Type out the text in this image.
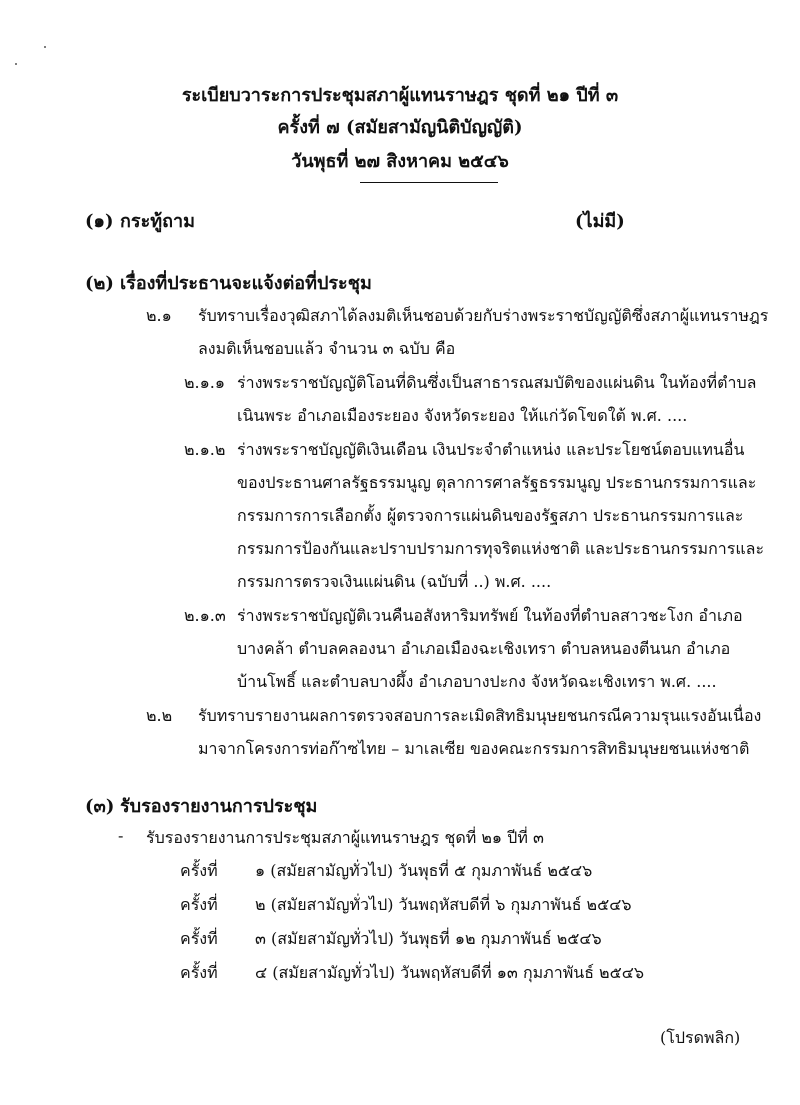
ระเบียบวาระการประชุมสภาผู้แทนราษฎร ชุดที่ ๒๑ ปีที่ ๓
ครั้งที่ ๗ (สมัยสามัญนิติบัญญัติ)
วันพุธที่ ๒๗ สิงหาคม ๒๕๔๖
(๑) กระทู้ถาม	(ไม่มี)
(๒) เรื่องที่ประธานจะแจ้งต่อที่ประชุม
๒.๑ รับทราบเรื่องวุฒิสภาได้ลงมติเห็นชอบด้วยกับร่างพระราชบัญญัติซึ่งสภาผู้แทนราษฎร
ลงมติเห็นชอบแล้ว จำนวน ๓ ฉบับ คือ
๒.๑.๑ ร่างพระราชบัญญัติโอนที่ดินซึ่งเป็นสาธารณสมบัติของแผ่นดิน ในท้องที่ตำบล
เนินพระ อำเภอเมืองระยอง จังหวัดระยอง ให้แก่วัดโขดใต้ พ.ศ. ....
๒.๑.๒ ร่างพระราชบัญญัติเงินเดือน เงินประจำตำแหน่ง และประโยชน์ตอบแทนอื่น
ของประธานศาลรัฐธรรมนูญ ตุลาการศาลรัฐธรรมนูญ ประธานกรรมการและ
กรรมการการเลือกตั้ง ผู้ตรวจการแผ่นดินของรัฐสภา ประธานกรรมการและ
กรรมการป้องกันและปราบปรามการทุจริตแห่งชาติ และประธานกรรมการและ
กรรมการตรวจเงินแผ่นดิน (ฉบับที่ ..) พ.ศ. ....
๒.๑.๓ ร่างพระราชบัญญัติเวนคืนอสังหาริมทรัพย์ ในท้องที่ตำบลสาวชะโงก อำเภอ
บางคล้า ตำบลคลองนา อำเภอเมืองฉะเชิงเทรา ตำบลหนองตีนนก อำเภอ
บ้านโพธิ์ และตำบลบางผึ้ง อำเภอบางปะกง จังหวัดฉะเชิงเทรา พ.ศ. ....
๒.๒ รับทราบรายงานผลการตรวจสอบการละเมิดสิทธิมนุษยชนกรณีความรุนแรงอันเนื่อง
มาจากโครงการท่อก๊าซไทย – มาเลเซีย ของคณะกรรมการสิทธิมนุษยชนแห่งชาติ
(๓) รับรองรายงานการประชุม
- รับรองรายงานการประชุมสภาผู้แทนราษฎร ชุดที่ ๒๑ ปีที่ ๓
ครั้งที่ ๑ (สมัยสามัญทั่วไป) วันพุธที่ ๕ กุมภาพันธ์ ๒๕๔๖
ครั้งที่ ๒ (สมัยสามัญทั่วไป) วันพฤหัสบดีที่ ๖ กุมภาพันธ์ ๒๕๔๖
ครั้งที่ ๓ (สมัยสามัญทั่วไป) วันพุธที่ ๑๒ กุมภาพันธ์ ๒๕๔๖
ครั้งที่ ๔ (สมัยสามัญทั่วไป) วันพฤหัสบดีที่ ๑๓ กุมภาพันธ์ ๒๕๔๖
(โปรดพลิก)
